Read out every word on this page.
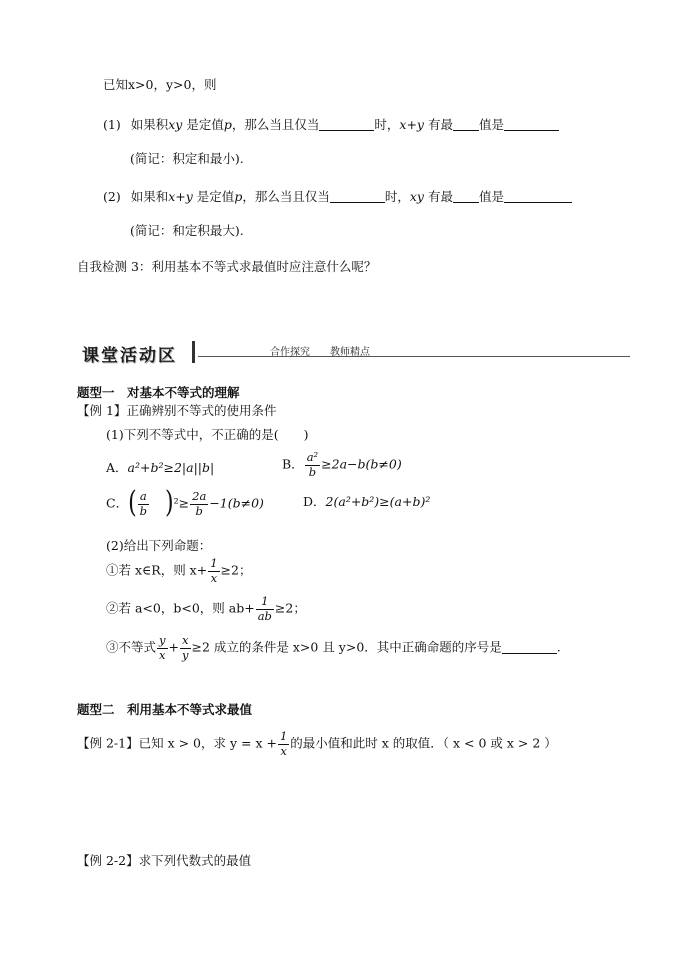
已知x>0，y>0，则
(1) 如果积xy 是定值p，那么当且仅当	时，x+y 有最 值是
(简记：积定和最小).
(2) 如果和x+y 是定值p，那么当且仅当	时，xy 有最 值是
(简记：和定积最大).
自我检测 3：利用基本不等式求最值时应注意什么呢？
课堂活动区	合作探究　　教师精点
题型一　对基本不等式的理解
【例 1】正确辨别不等式的使用条件
(1)下列不等式中，不正确的是(　　)
A．a²+b²≥2|a||b|	B． $\frac{\text{a²}}{b} \ge 2a-b(b\ne 0)$
C．( $\frac{a}{b} )^2\ge \frac{2a}{b} -1(b\ne 0)$	D．2(a²+b²)≥(a+b)²
(2)给出下列命题：
①若 x∈R，则 $x+ \frac{1}{x} \ge 2$；
②若 a<0，b<0，则 $ab+ \frac{1}{ab} \ge 2$；
③不等式 $\frac{y}{x} + \frac{x}{y} \ge 2$ 成立的条件是 x>0 且 y>0．其中正确命题的序号是	.
题型二　利用基本不等式求最值
【例 2-1】已知 x > 0，求 $y = x + \frac{1}{x}$ 的最小值和此时 x 的取值．（ x < 0 或 x > 2 ）
【例 2-2】求下列代数式的最值
